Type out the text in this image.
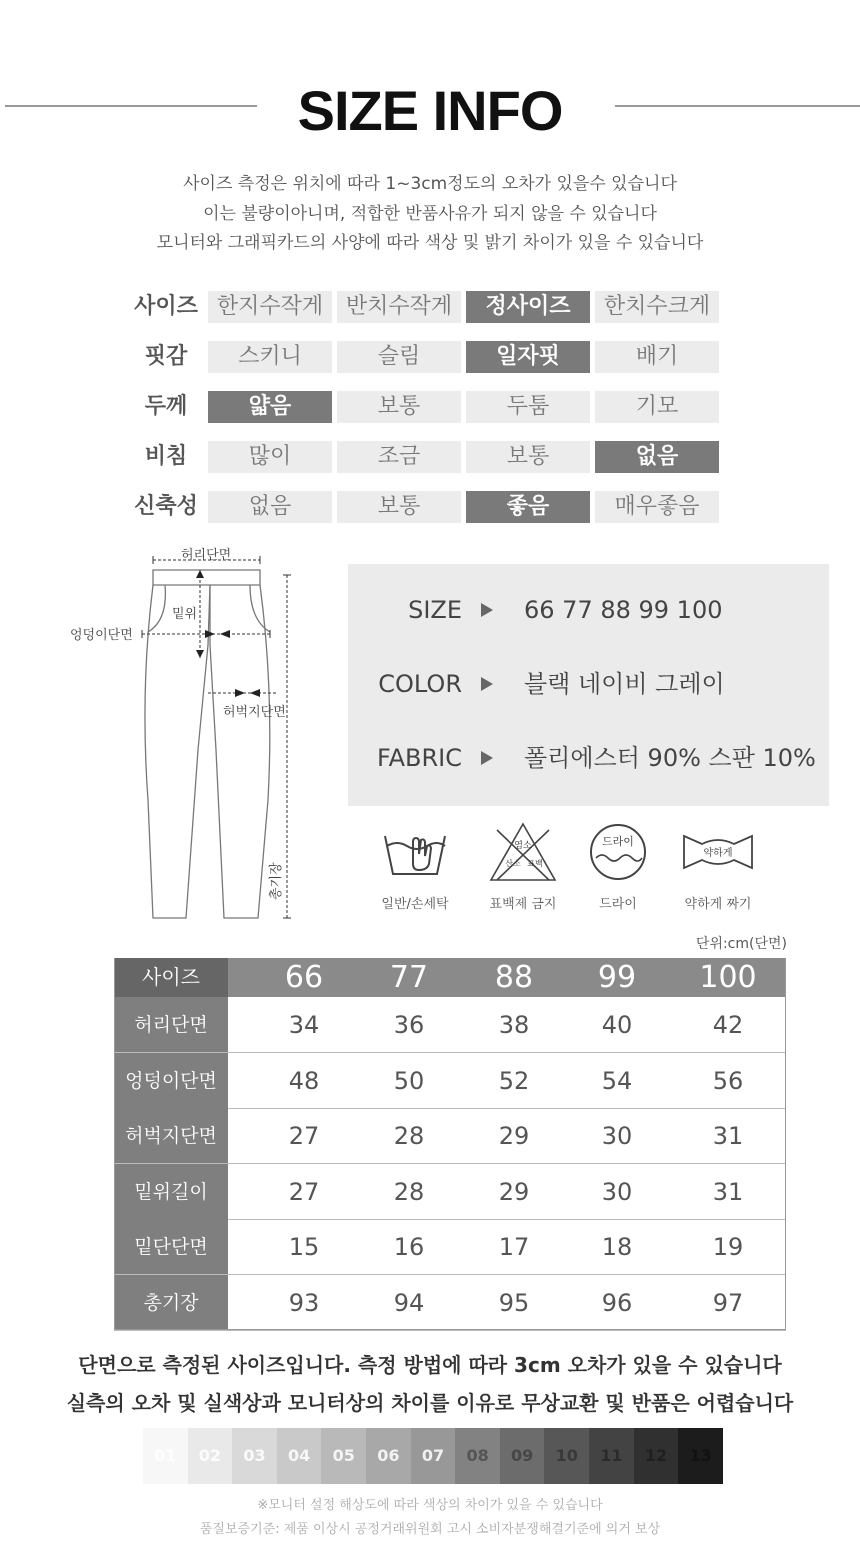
SIZE INFO
사이즈 측정은 위치에 따라 1~3cm정도의 오차가 있을수 있습니다
이는 불량이아니며, 적합한 반품사유가 되지 않을 수 있습니다
모니터와 그래픽카드의 사양에 따라 색상 및 밝기 차이가 있을 수 있습니다
사이즈 한지수작게	반치수작게	정사이즈	한치수크게
핏감	스키니	슬림	일자핏	배기
두께	얇음	보통	두툼	기모
비침	많이	조금	보통	없음
신축성	없음	보통	좋음	매우좋음
허리단면
밑위
엉덩이단면
허벅지단면
총기장
SIZE	66 77 88 99 100
COLOR	블랙 네이비 그레이
FABRIC	폴리에스터 90% 스판 10%
일반/손세탁
염소
산소 표백
표백제 금지
드라이
드라이
약하게
약하게 짜기
단위:cm(단면)
사이즈	66	77	88	99	100
허리단면	34	36	38	40	42
엉덩이단면	48	50	52	54	56
허벅지단면	27	28	29	30	31
밑위길이	27	28	29	30	31
밑단단면	15	16	17	18	19
총기장	93	94	95	96	97
단면으로 측정된 사이즈입니다. 측정 방법에 따라 3cm 오차가 있을 수 있습니다
실측의 오차 및 실색상과 모니터상의 차이를 이유로 무상교환 및 반품은 어렵습니다
01	02	03	04	05	06	07	08	09	10	11	12	13
※모니터 설정 해상도에 따라 색상의 차이가 있을 수 있습니다
품질보증기준: 제품 이상시 공정거래위원회 고시 소비자분쟁해결기준에 의거 보상
